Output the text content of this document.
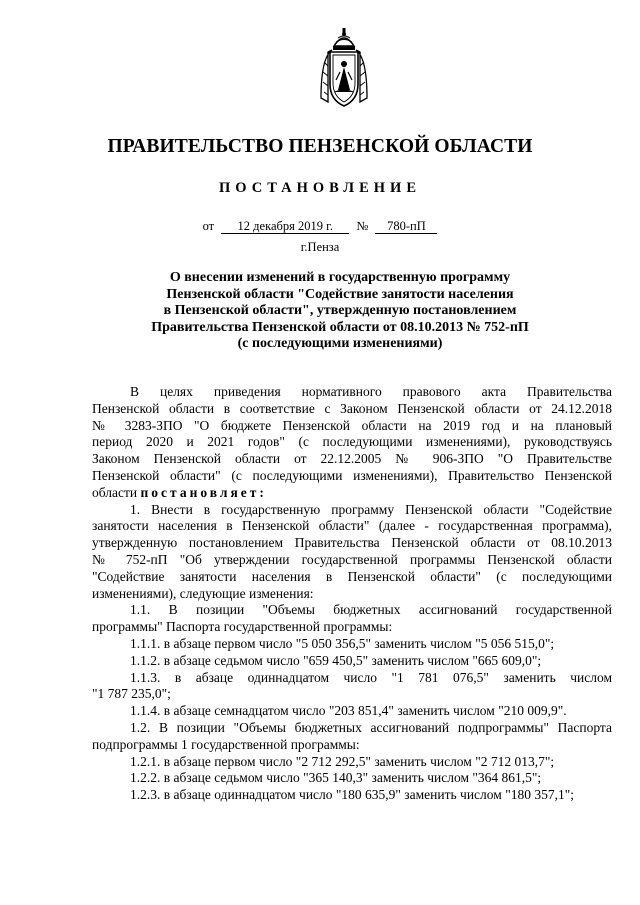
ПРАВИТЕЛЬСТВО ПЕНЗЕНСКОЙ ОБЛАСТИ
ПОСТАНОВЛЕНИЕ
от 12 декабря 2019 г. № 780-пП
г.Пенза
О внесении изменений в государственную программу
Пензенской области "Содействие занятости населения
в Пензенской области", утвержденную постановлением
Правительства Пензенской области от 08.10.2013 № 752-пП
(с последующими изменениями)
В целях приведения нормативного правового акта Правительства
Пензенской области в соответствие с Законом Пензенской области от 24.12.2018
№ 3283-ЗПО "О бюджете Пензенской области на 2019 год и на плановый
период 2020 и 2021 годов" (с последующими изменениями), руководствуясь
Законом Пензенской области от 22.12.2005 № 906-ЗПО "О Правительстве
Пензенской области" (с последующими изменениями), Правительство Пензенской
области постановляет:
1. Внести в государственную программу Пензенской области "Содействие
занятости населения в Пензенской области" (далее - государственная программа),
утвержденную постановлением Правительства Пензенской области от 08.10.2013
№ 752-пП "Об утверждении государственной программы Пензенской области
"Содействие занятости населения в Пензенской области" (с последующими
изменениями), следующие изменения:
1.1. В позиции "Объемы бюджетных ассигнований государственной
программы" Паспорта государственной программы:
1.1.1. в абзаце первом число "5 050 356,5" заменить числом "5 056 515,0";
1.1.2. в абзаце седьмом число "659 450,5" заменить числом "665 609,0";
1.1.3. в абзаце одиннадцатом число "1 781 076,5" заменить числом
"1 787 235,0";
1.1.4. в абзаце семнадцатом число "203 851,4" заменить числом "210 009,9".
1.2. В позиции "Объемы бюджетных ассигнований подпрограммы" Паспорта
подпрограммы 1 государственной программы:
1.2.1. в абзаце первом число "2 712 292,5" заменить числом "2 712 013,7";
1.2.2. в абзаце седьмом число "365 140,3" заменить числом "364 861,5";
1.2.3. в абзаце одиннадцатом число "180 635,9" заменить числом "180 357,1";
